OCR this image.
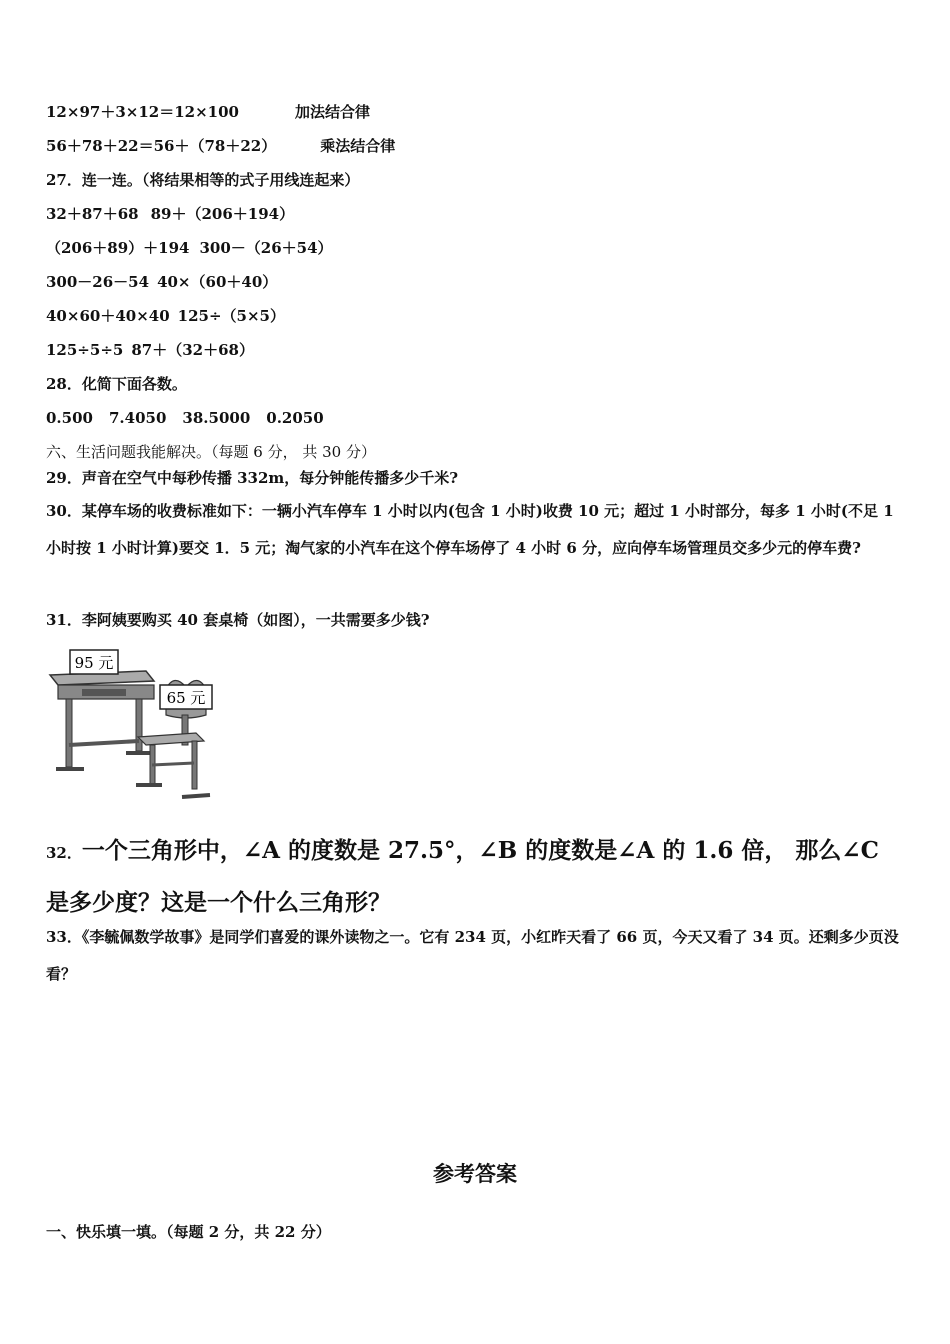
12×97＋3×12＝12×100	加法结合律
56＋78＋22＝56＋（78＋22）	乘法结合律
27．连一连。（将结果相等的式子用线连起来）
32＋87＋68 89＋（206＋194）
（206＋89）＋194 300－（26＋54）
300－26－54 40×（60＋40）
40×60＋40×40 125÷（5×5）
125÷5÷5 87＋（32＋68）
28．化简下面各数。
0.500 7.4050 38.5000 0.2050
六、生活问题我能解决。（每题 6 分， 共 30 分）
29．声音在空气中每秒传播 332m，每分钟能传播多少千米?
30．某停车场的收费标准如下：一辆小汽车停车 1 小时以内(包含 1 小时)收费 10 元；超过 1 小时部分，每多 1 小时(不足 1 小时按 1 小时计算)要交 1．5 元；淘气家的小汽车在这个停车场停了 4 小时 6 分，应向停车场管理员交多少元的停车费?
31．李阿姨要购买 40 套桌椅（如图），一共需要多少钱?
95 元
65 元
32．一个三角形中，∠A 的度数是 27.5°，∠B 的度数是∠A 的 1.6 倍， 那么∠C 是多少度？这是一个什么三角形？
33．《李毓佩数学故事》是同学们喜爱的课外读物之一。它有 234 页，小红昨天看了 66 页，今天又看了 34 页。还剩多少页没看？
参考答案
一、快乐填一填。（每题 2 分，共 22 分）
